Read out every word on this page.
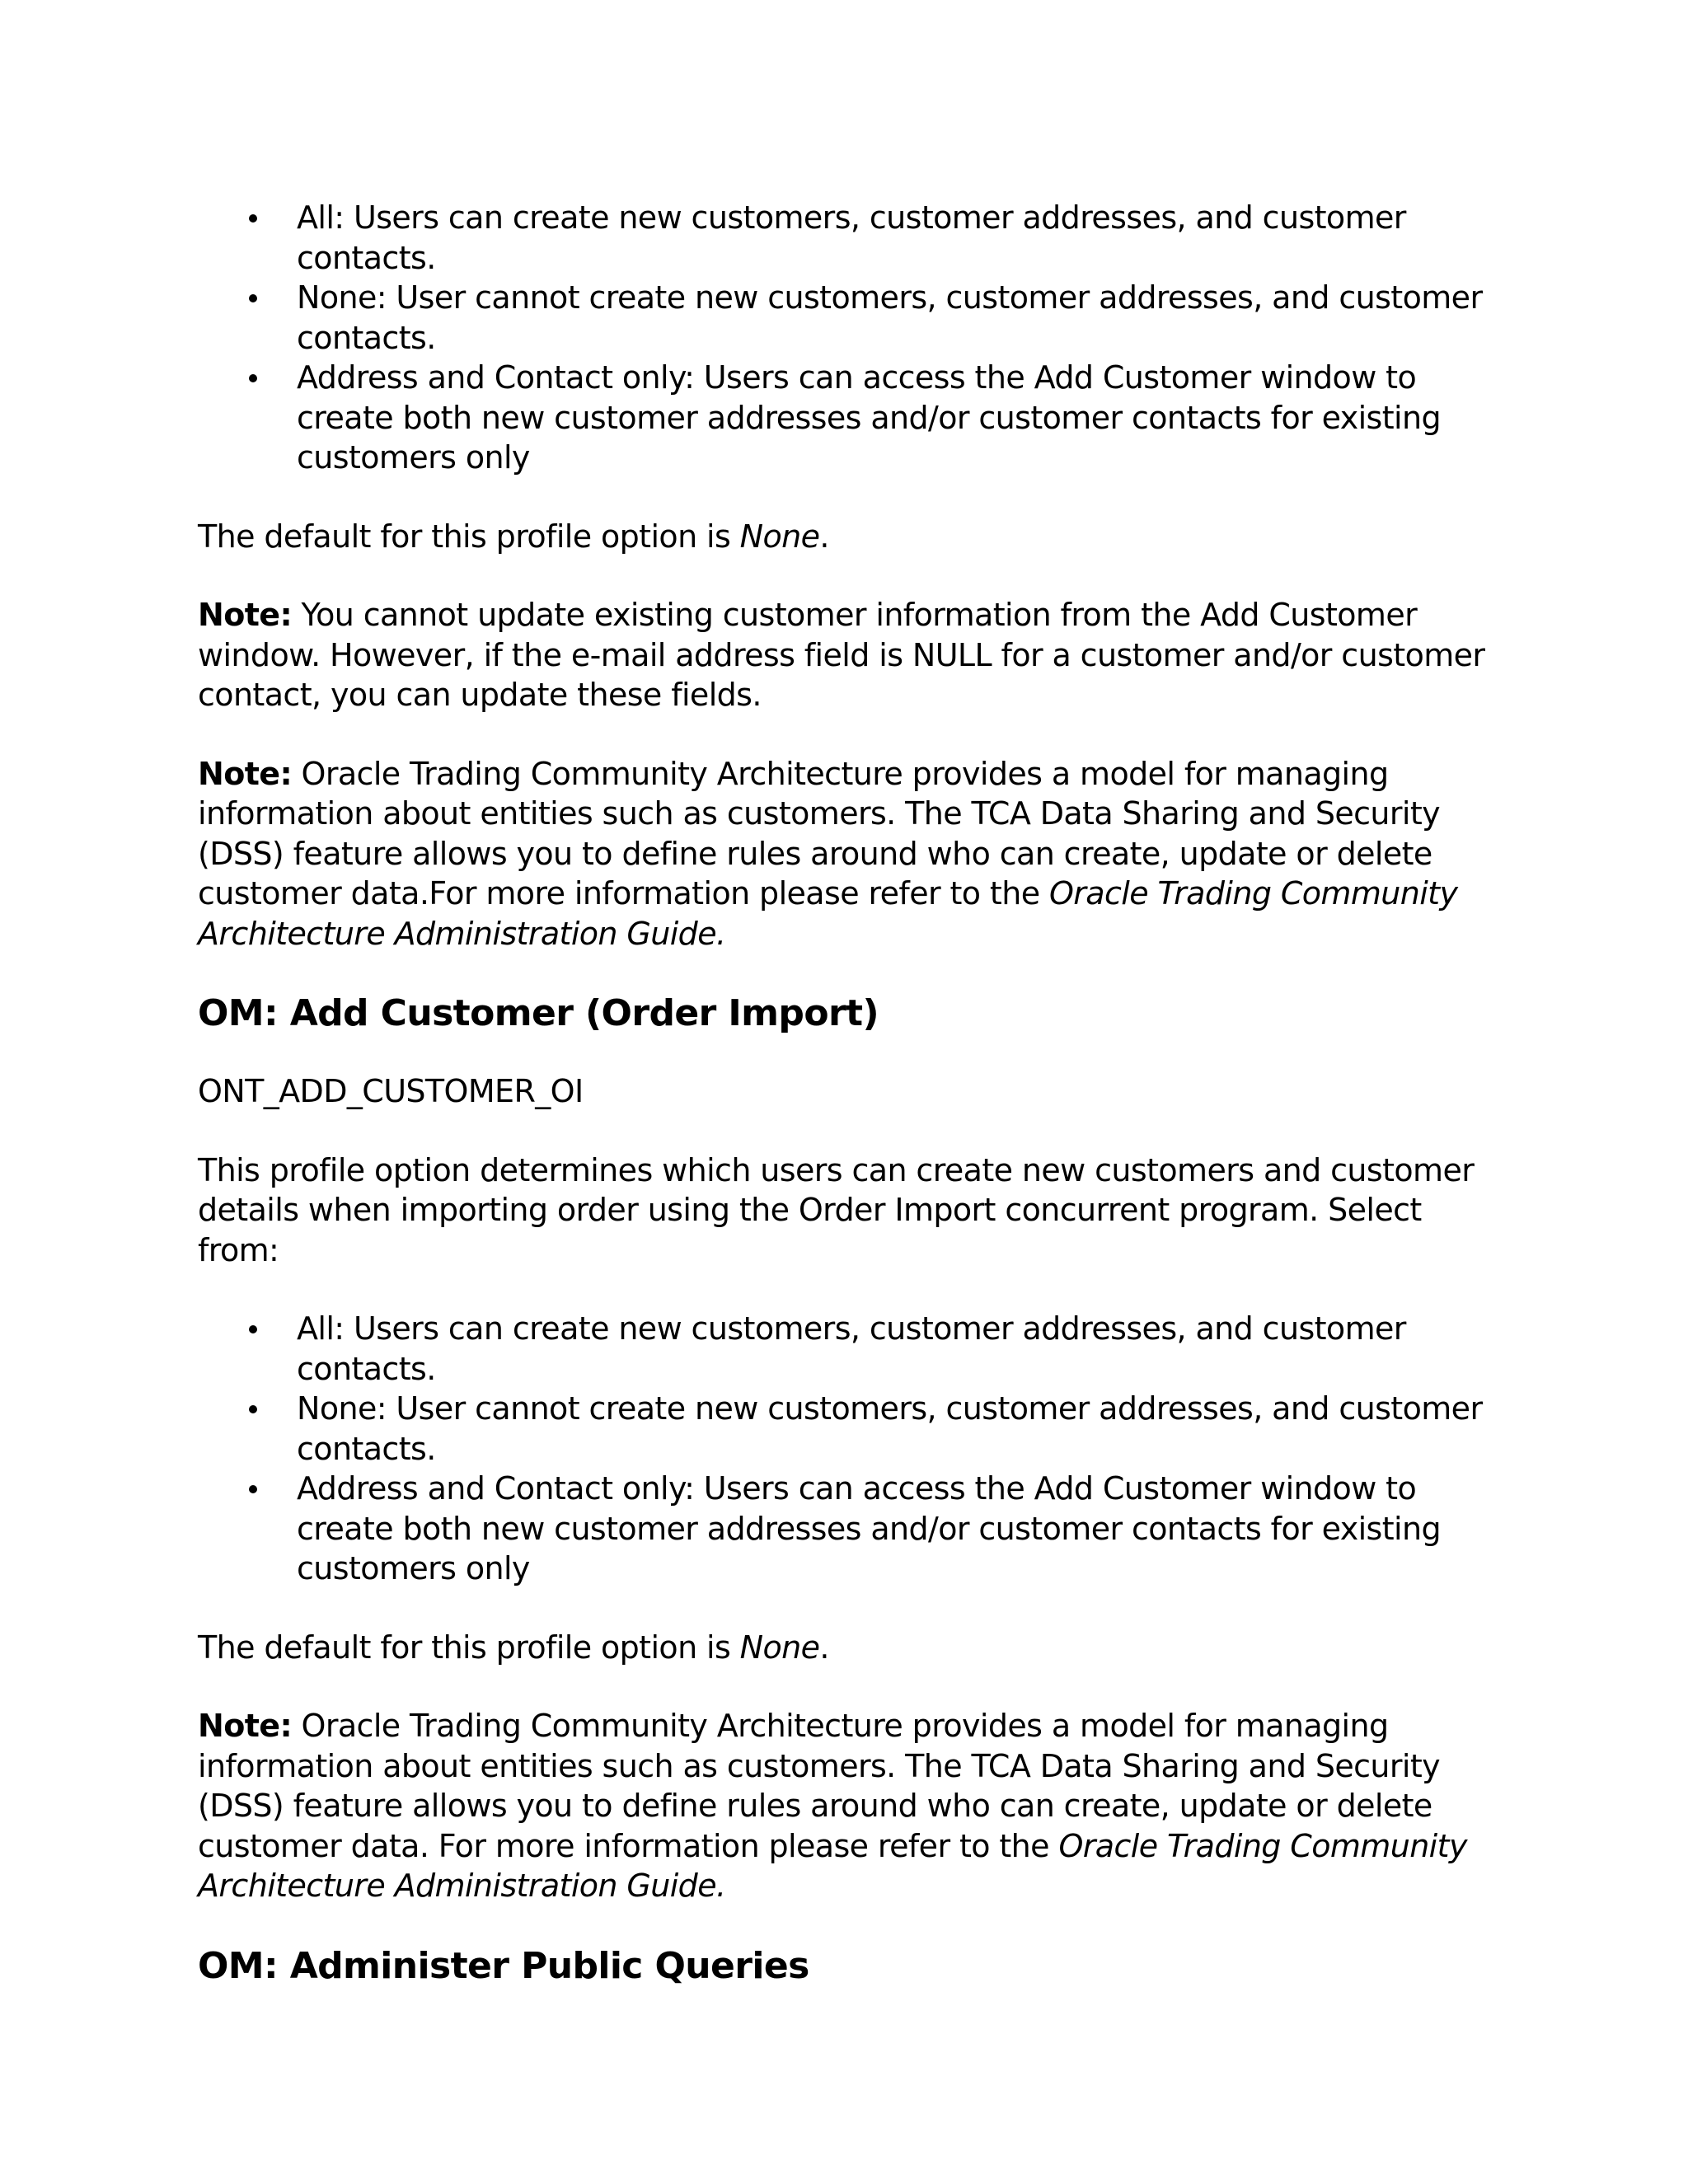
All: Users can create new customers, customer addresses, and customer contacts.
None: User cannot create new customers, customer addresses, and customer contacts.
Address and Contact only: Users can access the Add Customer window to create both new customer addresses and/or customer contacts for existing customers only

The default for this profile option is None.

Note: You cannot update existing customer information from the Add Customer window. However, if the e-mail address field is NULL for a customer and/or customer contact, you can update these fields.

Note: Oracle Trading Community Architecture provides a model for managing information about entities such as customers. The TCA Data Sharing and Security (DSS) feature allows you to define rules around who can create, update or delete customer data.For more information please refer to the Oracle Trading Community Architecture Administration Guide.

OM: Add Customer (Order Import)

ONT_ADD_CUSTOMER_OI

This profile option determines which users can create new customers and customer details when importing order using the Order Import concurrent program. Select from:

All: Users can create new customers, customer addresses, and customer contacts.
None: User cannot create new customers, customer addresses, and customer contacts.
Address and Contact only: Users can access the Add Customer window to create both new customer addresses and/or customer contacts for existing customers only

The default for this profile option is None.

Note: Oracle Trading Community Architecture provides a model for managing information about entities such as customers. The TCA Data Sharing and Security (DSS) feature allows you to define rules around who can create, update or delete customer data. For more information please refer to the Oracle Trading Community Architecture Administration Guide.

OM: Administer Public Queries
